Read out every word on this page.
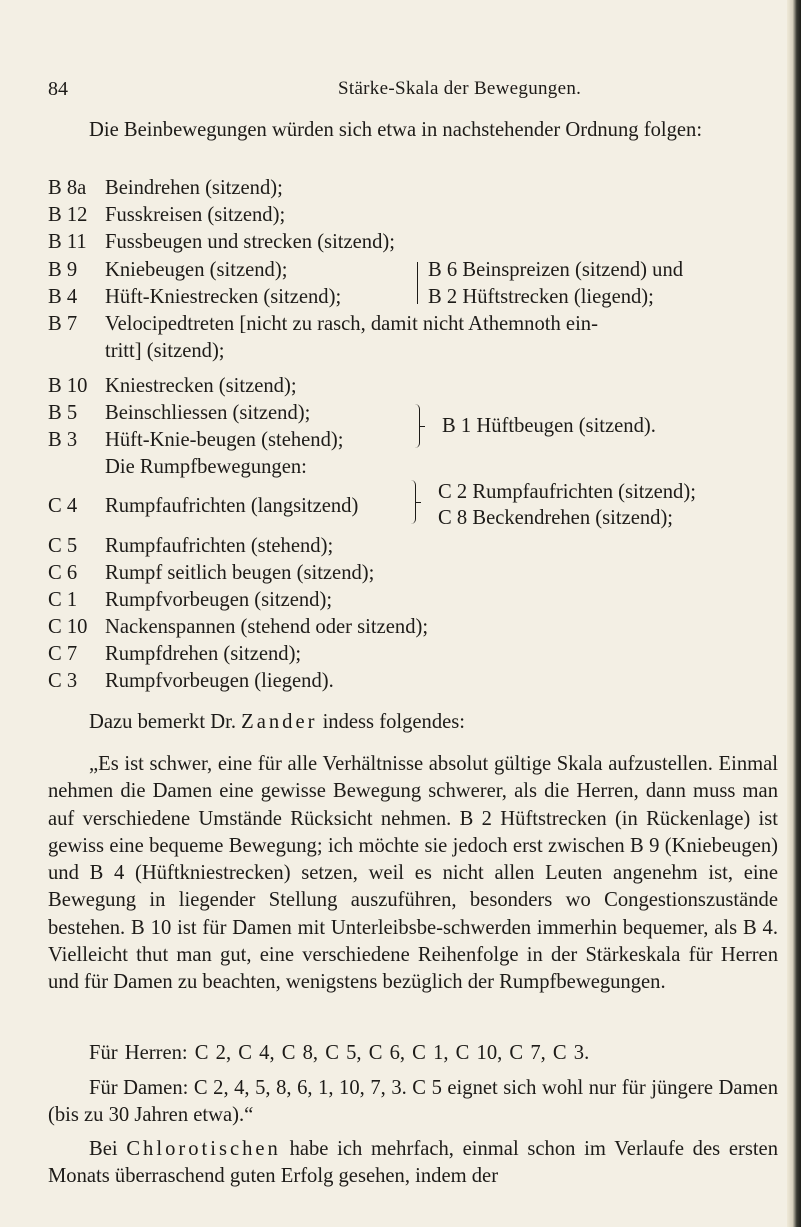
84	Stärke-Skala der Bewegungen.
Die Beinbewegungen würden sich etwa in nachstehender Ordnung folgen:
B 8a Beindrehen (sitzend);
B 12 Fusskreisen (sitzend);
B 11 Fussbeugen und strecken (sitzend);
B 9	Kniebeugen (sitzend);
B 4	Hüft-Kniestrecken (sitzend);
B 6 Beinspreizen (sitzend) und
B 2 Hüftstrecken (liegend);
B 7	Velocipedtreten [nicht zu rasch, damit nicht Athemnoth ein-
tritt] (sitzend);
B 10 Kniestrecken (sitzend);
B 5	Beinschliessen (sitzend);
B 3	Hüft-Knie-beugen (stehend);
B 1 Hüftbeugen (sitzend).
Die Rumpfbewegungen:
C 4	Rumpfaufrichten (langsitzend)
C 2 Rumpfaufrichten (sitzend);
C 8 Beckendrehen (sitzend);
C 5	Rumpfaufrichten (stehend);
C 6	Rumpf seitlich beugen (sitzend);
C 1	Rumpfvorbeugen (sitzend);
C 10 Nackenspannen (stehend oder sitzend);
C 7	Rumpfdrehen (sitzend);
C 3	Rumpfvorbeugen (liegend).
Dazu bemerkt Dr. Zander indess folgendes:
„Es ist schwer, eine für alle Verhältnisse absolut gültige Skala aufzustellen. Einmal nehmen die Damen eine gewisse Bewegung schwerer, als die Herren, dann muss man auf verschiedene Umstände Rücksicht nehmen. B 2 Hüftstrecken (in Rückenlage) ist gewiss eine bequeme Bewegung; ich möchte sie jedoch erst zwischen B 9 (Kniebeugen) und B 4 (Hüftkniestrecken) setzen, weil es nicht allen Leuten angenehm ist, eine Bewegung in liegender Stellung auszuführen, besonders wo Congestionszustände bestehen. B 10 ist für Damen mit Unterleibsbe-schwerden immerhin bequemer, als B 4. Vielleicht thut man gut, eine verschiedene Reihenfolge in der Stärkeskala für Herren und für Damen zu beachten, wenigstens bezüglich der Rumpfbewegungen.
Für Herren: C 2, C 4, C 8, C 5, C 6, C 1, C 10, C 7, C 3.
Für Damen: C 2, 4, 5, 8, 6, 1, 10, 7, 3. C 5 eignet sich wohl nur für jüngere Damen (bis zu 30 Jahren etwa).“
Bei Chlorotischen habe ich mehrfach, einmal schon im Verlaufe des ersten Monats überraschend guten Erfolg gesehen, indem der
